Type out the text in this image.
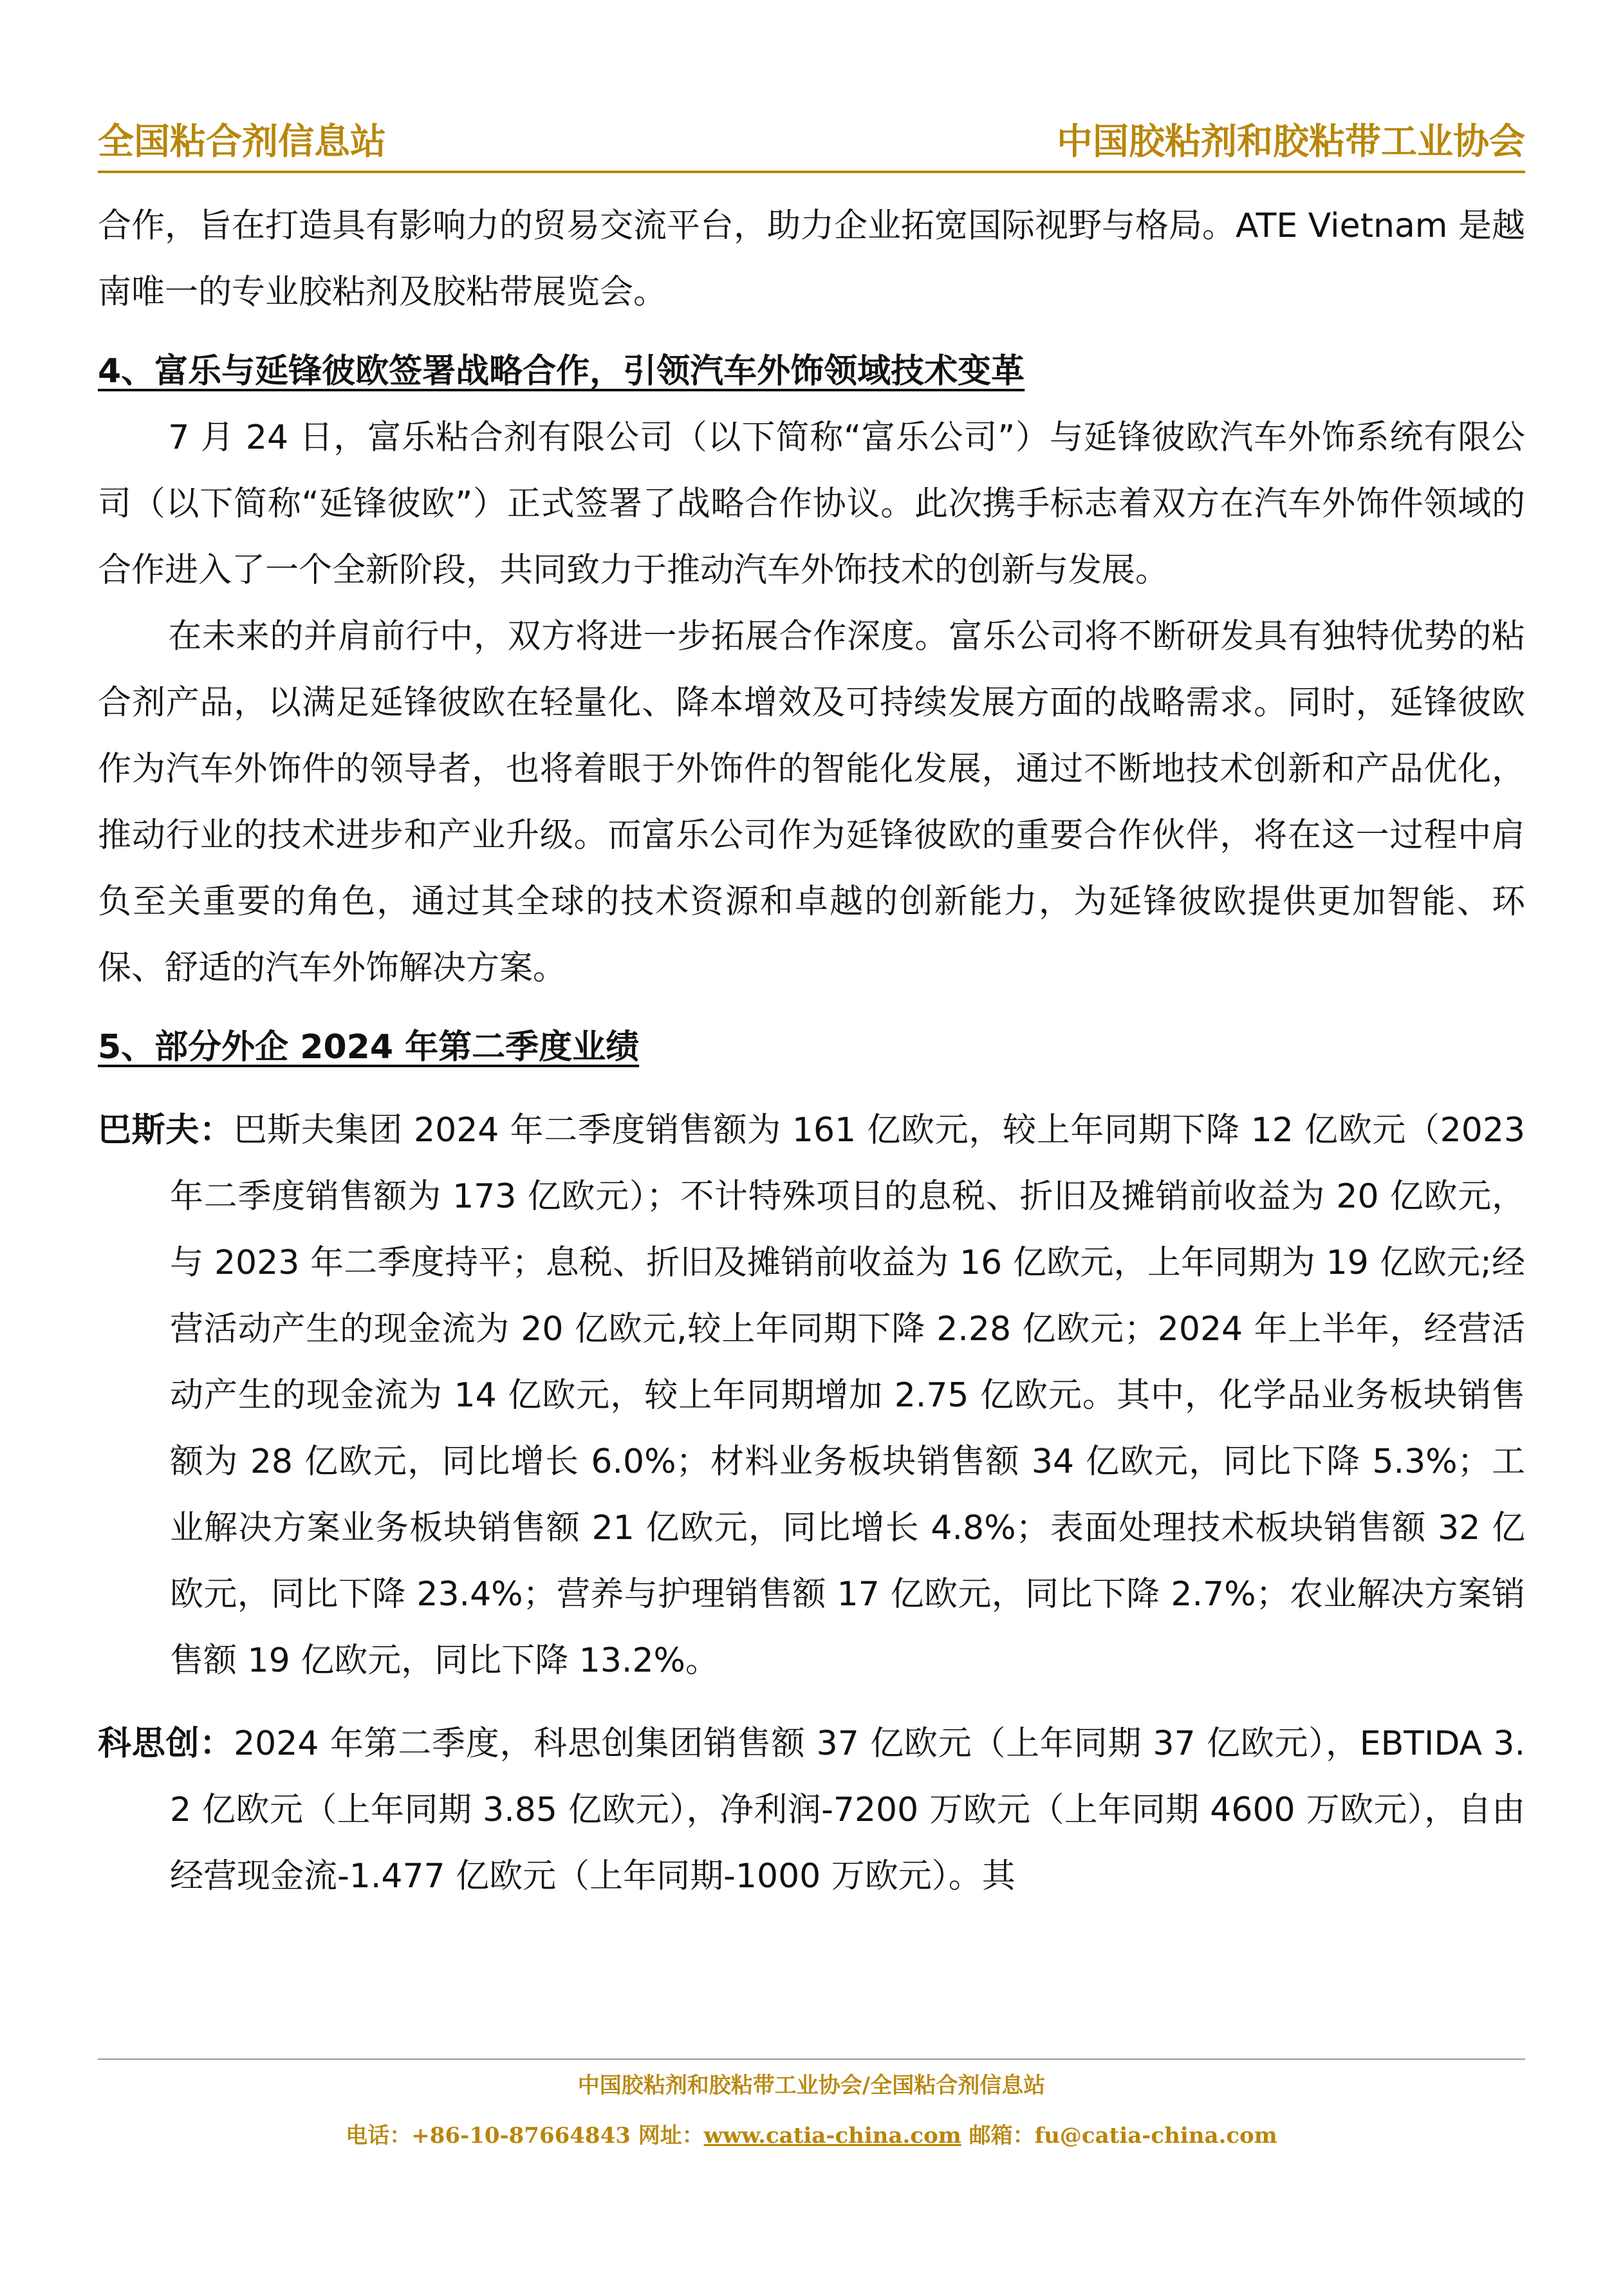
全国粘合剂信息站	中国胶粘剂和胶粘带工业协会

合作，旨在打造具有影响力的贸易交流平台，助力企业拓宽国际视野与格局。ATE Vietnam 是越南唯一的专业胶粘剂及胶粘带展览会。

4、富乐与延锋彼欧签署战略合作，引领汽车外饰领域技术变革

7 月 24 日，富乐粘合剂有限公司（以下简称“富乐公司”）与延锋彼欧汽车外饰系统有限公司（以下简称“延锋彼欧”）正式签署了战略合作协议。此次携手标志着双方在汽车外饰件领域的合作进入了一个全新阶段，共同致力于推动汽车外饰技术的创新与发展。

在未来的并肩前行中，双方将进一步拓展合作深度。富乐公司将不断研发具有独特优势的粘合剂产品，以满足延锋彼欧在轻量化、降本增效及可持续发展方面的战略需求。同时，延锋彼欧作为汽车外饰件的领导者，也将着眼于外饰件的智能化发展，通过不断地技术创新和产品优化，推动行业的技术进步和产业升级。而富乐公司作为延锋彼欧的重要合作伙伴，将在这一过程中肩负至关重要的角色，通过其全球的技术资源和卓越的创新能力，为延锋彼欧提供更加智能、环保、舒适的汽车外饰解决方案。

5、部分外企 2024 年第二季度业绩

巴斯夫：巴斯夫集团 2024 年二季度销售额为 161 亿欧元，较上年同期下降 12 亿欧元（2023 年二季度销售额为 173 亿欧元）；不计特殊项目的息税、折旧及摊销前收益为 20 亿欧元，与 2023 年二季度持平；息税、折旧及摊销前收益为 16 亿欧元，上年同期为 19 亿欧元;经营活动产生的现金流为 20 亿欧元,较上年同期下降 2.28 亿欧元；2024 年上半年，经营活动产生的现金流为 14 亿欧元，较上年同期增加 2.75 亿欧元。其中，化学品业务板块销售额为 28 亿欧元，同比增长 6.0%；材料业务板块销售额 34 亿欧元，同比下降 5.3%；工业解决方案业务板块销售额 21 亿欧元，同比增长 4.8%；表面处理技术板块销售额 32 亿欧元，同比下降 23.4%；营养与护理销售额 17 亿欧元，同比下降 2.7%；农业解决方案销售额 19 亿欧元，同比下降 13.2%。

科思创：2024 年第二季度，科思创集团销售额 37 亿欧元（上年同期 37 亿欧元），EBTIDA 3.2 亿欧元（上年同期 3.85 亿欧元），净利润-7200 万欧元（上年同期 4600 万欧元），自由经营现金流-1.477 亿欧元（上年同期-1000 万欧元）。其

中国胶粘剂和胶粘带工业协会/全国粘合剂信息站
电话：+86-10-87664843 网址：www.catia-china.com 邮箱：fu@catia-china.com
